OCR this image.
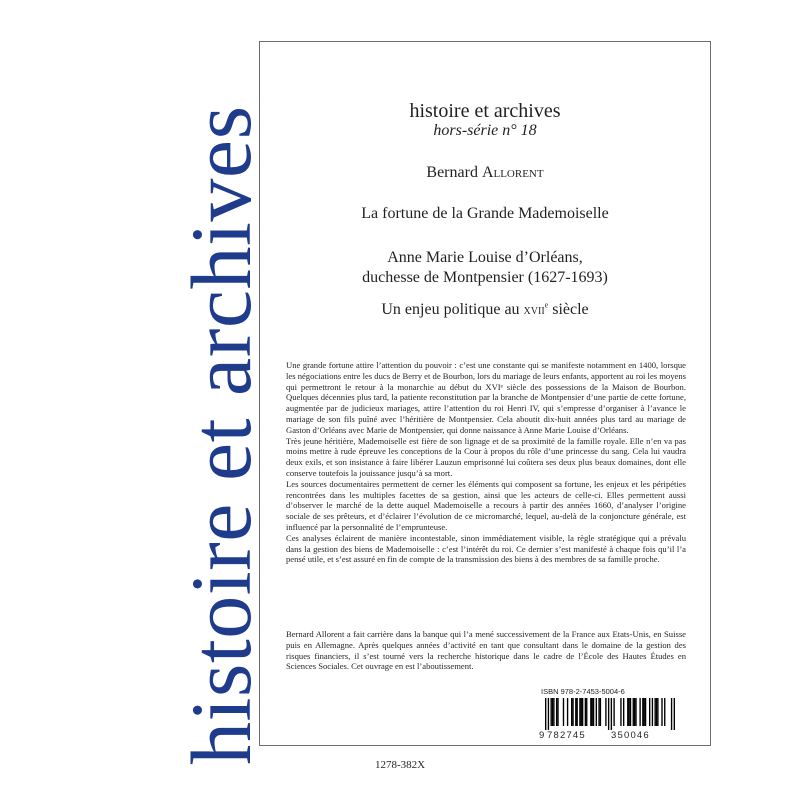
histoire et archives	histoire et archives
hors-série n° 18
Bernard Allorent
La fortune de la Grande Mademoiselle
Anne Marie Louise d’Orléans,
duchesse de Montpensier (1627-1693)
Un enjeu politique au xvii$^e$ siècle

Une grande fortune attire l’attention du pouvoir : c’est une constante qui se manifeste notamment en 1400, lorsque les négociations entre les ducs de Berry et de Bourbon, lors du mariage de leurs enfants, apportent au roi les moyens qui permettront le retour à la monarchie au début du XVIᵉ siècle des possessions de la Maison de Bourbon. Quelques décennies plus tard, la patiente reconstitution par la branche de Montpensier d’une partie de cette fortune, augmentée par de judicieux mariages, attire l’attention du roi Henri IV, qui s’empresse d’organiser à l’avance le mariage de son fils puîné avec l’héritière de Montpensier. Cela aboutit dix-huit années plus tard au mariage de Gaston d’Orléans avec Marie de Montpensier, qui donne naissance à Anne Marie Louise d’Orléans.

Très jeune héritière, Mademoiselle est fière de son lignage et de sa proximité de la famille royale. Elle n’en va pas moins mettre à rude épreuve les conceptions de la Cour à propos du rôle d’une princesse du sang. Cela lui vaudra deux exils, et son insistance à faire libérer Lauzun emprisonné lui coûtera ses deux plus beaux domaines, dont elle conserve toutefois la jouissance jusqu’à sa mort.

Les sources documentaires permettent de cerner les éléments qui composent sa fortune, les enjeux et les péripéties rencontrées dans les multiples facettes de sa gestion, ainsi que les acteurs de celle-ci. Elles permettent aussi d’observer le marché de la dette auquel Mademoiselle a recours à partir des années 1660, d’analyser l’origine sociale de ses prêteurs, et d’éclairer l’évolution de ce micromarché, lequel, au-delà de la conjoncture générale, est influencé par la personnalité de l’emprunteuse.

Ces analyses éclairent de manière incontestable, sinon immédiatement visible, la règle stratégique qui a prévalu dans la gestion des biens de Mademoiselle : c’est l’intérêt du roi. Ce dernier s’est manifesté à chaque fois qu’il l’a pensé utile, et s’est assuré en fin de compte de la transmission des biens à des membres de sa famille proche.

Bernard Allorent a fait carrière dans la banque qui l’a mené successivement de la France aux Etats-Unis, en Suisse puis en Allemagne. Après quelques années d’activité en tant que consultant dans le domaine de la gestion des risques financiers, il s’est tourné vers la recherche historique dans le cadre de l’École des Hautes Études en Sciences Sociales. Cet ouvrage en est l’aboutissement.

ISBN 978-2-7453-5004-6
9 782745	350046
1278-382X
